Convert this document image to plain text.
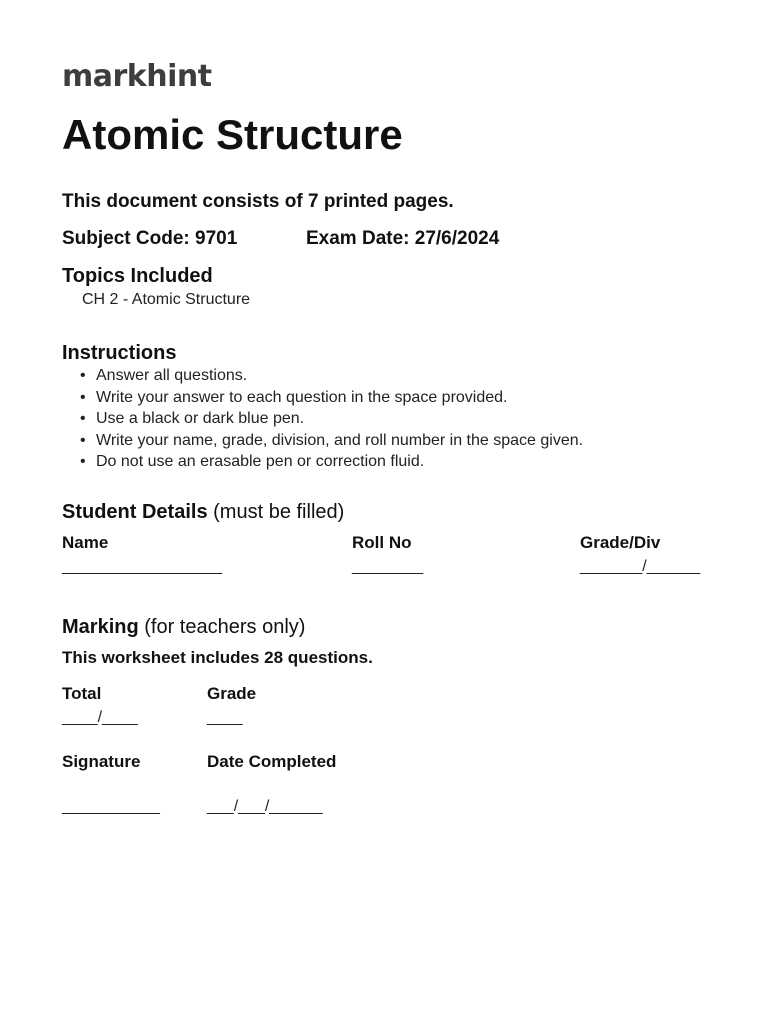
markhint
Atomic Structure
This document consists of 7 printed pages.
Subject Code: 9701	Exam Date: 27/6/2024
Topics Included
CH 2 - Atomic Structure
Instructions
• Answer all questions.
• Write your answer to each question in the space provided.
• Use a black or dark blue pen.
• Write your name, grade, division, and roll number in the space given.
• Do not use an erasable pen or correction fluid.
Student Details (must be filled)
Name
__________________
Roll No
________
Grade/Div
_______/______
Marking (for teachers only)
This worksheet includes 28 questions.
Total
____/____
Grade
____
Signature
___________
Date Completed
___/___/______
